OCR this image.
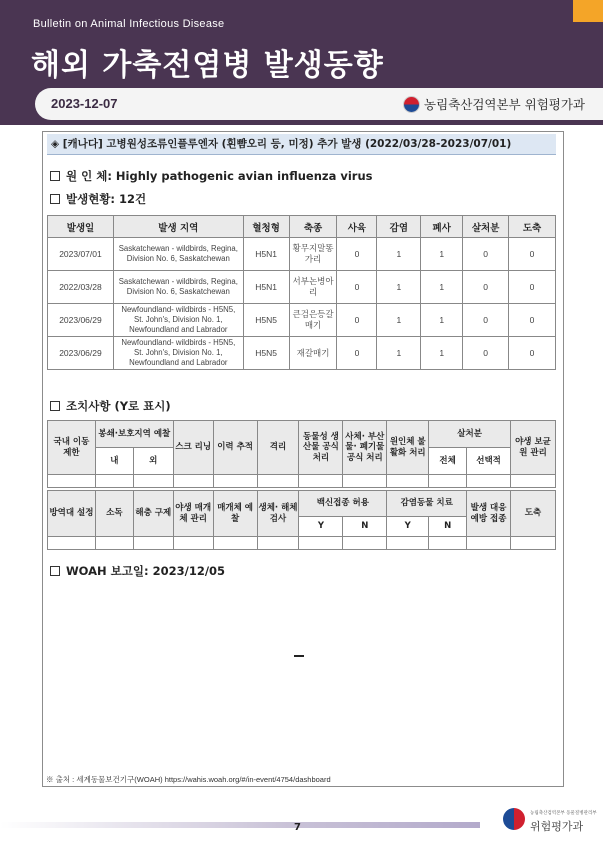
Bulletin on Animal Infectious Disease
해외 가축전염병 발생동향
2023-12-07	농림축산검역본부 위험평가과
◈ [캐나다] 고병원성조류인플루엔자 (흰뺨오리 등, 미정) 추가 발생 (2022/03/28-2023/07/01)
원 인 체: Highly pathogenic avian influenza virus
발생현황: 12건
발생일	발생 지역	혈청형	축종	사육	감염	폐사	살처분	도축
2023/07/01	Saskatchewan - wildbirds, Regina, Division No. 6, Saskatchewan	H5N1	황무지말똥가리	0	1	1	0	0
2022/03/28	Saskatchewan - wildbirds, Regina, Division No. 6, Saskatchewan	H5N1	서부논병아리	0	1	1	0	0
2023/06/29	Newfoundland- wildbirds - H5N5, St. John's, Division No. 1, Newfoundland and Labrador	H5N5	큰검은등갈매기	0	1	1	0	0
2023/06/29	Newfoundland- wildbirds - H5N5, St. John's, Division No. 1, Newfoundland and Labrador	H5N5	재갈매기	0	1	1	0	0
조치사항 (Y로 표시)
국내 이동 제한	봉쇄·보호지역 예찰		스크 리닝	이력 추적	격리	동물성 생산물 공식 처리	사체· 부산물· 폐기물 공식 처리	원인체 불활화 처리	살처분		야생 보균원 관리
	내	외							전체	선택적	

방역대 설정	소독	해충 구제	야생 매개체 관리	매개체 예찰	생체· 해체 검사	백신접종 허용		감염동물 치료		발생 대응 예방 접종	도축
						Y	N	Y	N		

WOAH 보고일: 2023/12/05
※ 출처 : 세계동물보건기구(WOAH) https://wahis.woah.org/#/in-event/4754/dashboard
7
농림축산검역본부 동물질병관리부
위험평가과
